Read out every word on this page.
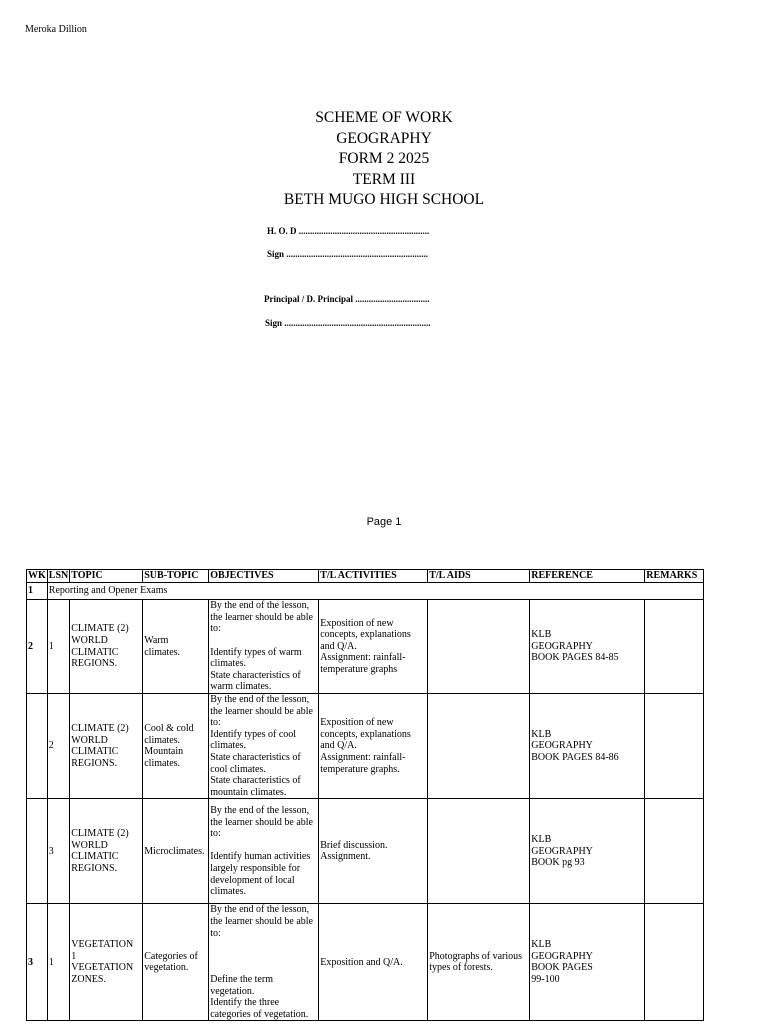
Meroka Dillion
SCHEME OF WORK
GEOGRAPHY
FORM 2 2025
TERM III
BETH MUGO HIGH SCHOOL
H. O. D ..........................................................
Sign ...............................................................
Principal / D. Principal .................................
Sign .................................................................
Page 1
WK	LSN	TOPIC	SUB-TOPIC	OBJECTIVES	T/L ACTIVITIES	T/L AIDS	REFERENCE	REMARKS
1	Reporting and Opener Exams							
2	1	CLIMATE (2)
WORLD
CLIMATIC
REGIONS.	Warm
climates.	By the end of the lesson, the learner should be able to:
Identify types of warm climates.
State characteristics of warm climates.	Exposition of new concepts, explanations and Q/A.
Assignment: rainfall-temperature graphs		KLB
GEOGRAPHY
BOOK PAGES 84-85	

	2	CLIMATE (2)
WORLD
CLIMATIC
REGIONS.	Cool & cold climates.
Mountain climates.	By the end of the lesson, the learner should be able to:
Identify types of cool climates.
State characteristics of cool climates.
State characteristics of mountain climates.	Exposition of new concepts, explanations and Q/A.
Assignment: rainfall-temperature graphs.		KLB
GEOGRAPHY
BOOK PAGES 84-86	

	3	CLIMATE (2)
WORLD
CLIMATIC
REGIONS.	Microclimates.	By the end of the lesson, the learner should be able to:
Identify human activities largely responsible for development of local climates.	Brief discussion.
Assignment.		KLB
GEOGRAPHY
BOOK pg 93	

3	1	VEGETATION
1
VEGETATION
ZONES.	Categories of vegetation.	By the end of the lesson, the learner should be able to:
Define the term vegetation.
Identify the three categories of vegetation.	Exposition and Q/A.	Photographs of various types of forests.	KLB
GEOGRAPHY
BOOK PAGES
99-100	
